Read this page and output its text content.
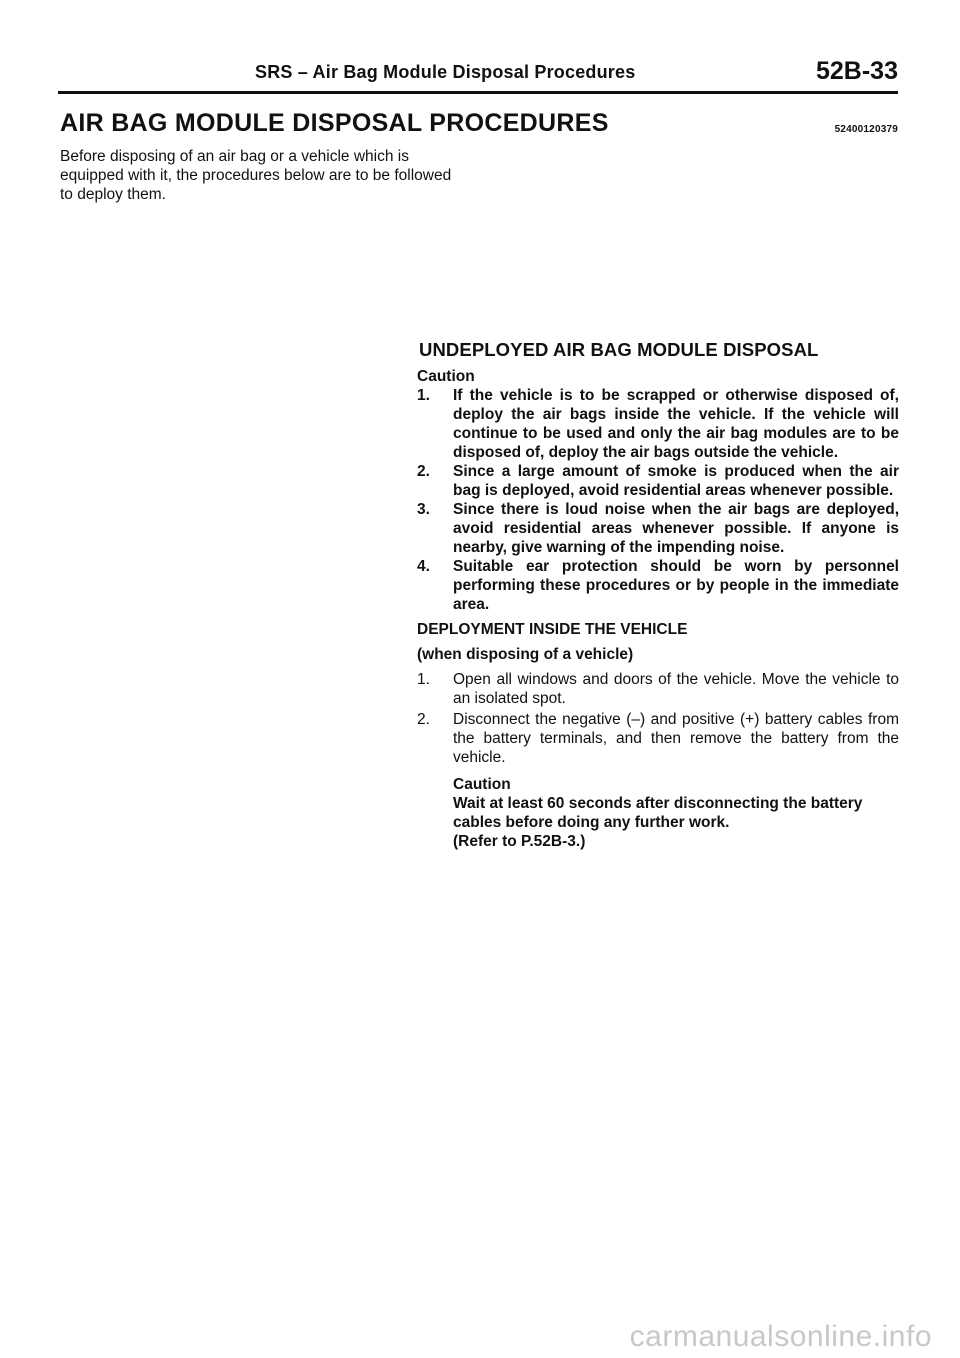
SRS – Air Bag Module Disposal Procedures	52B-33
AIR BAG MODULE DISPOSAL PROCEDURES	52400120379

Before disposing of an air bag or a vehicle which is equipped with it, the procedures below are to be followed to deploy them.

UNDEPLOYED AIR BAG MODULE DISPOSAL

Caution

1.	If the vehicle is to be scrapped or otherwise disposed of, deploy the air bags inside the vehicle. If the vehicle will continue to be used and only the air bag modules are to be disposed of, deploy the air bags outside the vehicle.
2.	Since a large amount of smoke is produced when the air bag is deployed, avoid residential areas whenever possible.
3.	Since there is loud noise when the air bags are deployed, avoid residential areas whenever possible. If anyone is nearby, give warning of the impending noise.
4.	Suitable ear protection should be worn by personnel performing these procedures or by people in the immediate area.

DEPLOYMENT INSIDE THE VEHICLE

(when disposing of a vehicle)

1.	Open all windows and doors of the vehicle. Move the vehicle to an isolated spot.
2.	Disconnect the negative (–) and positive (+) battery cables from the battery terminals, and then remove the battery from the vehicle.

Caution

Wait at least 60 seconds after disconnecting the battery cables before doing any further work.

(Refer to P.52B-3.)

carmanualsonline.info
